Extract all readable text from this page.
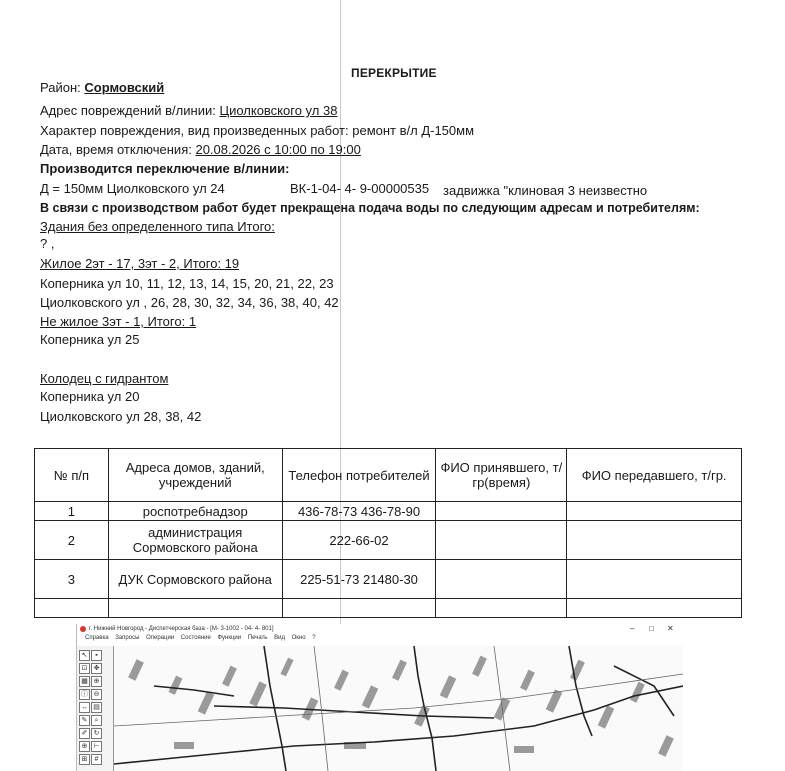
ПЕРЕКРЫТИЕ
Район: Сормовский
Адрес повреждений в/линии: Циолковского ул 38
Характер повреждения, вид произведенных работ: ремонт в/л Д-150мм
Дата, время отключения: 20.08.2026 с 10:00 по 19:00
Производится переключение в/линии:
Д = 150мм Циолковского ул 24	ВК-1-04- 4- 9-00000535 задвижка "клиновая 3 неизвестно
В связи с производством работ будет прекращена подача воды по следующим адресам и потребителям:
Здания без определенного типа Итого:
? ,
Жилое 2эт - 17, 3эт - 2, Итого: 19
Коперника ул 10, 11, 12, 13, 14, 15, 20, 21, 22, 23
Циолковского ул , 26, 28, 30, 32, 34, 36, 38, 40, 42
Не жилое 3эт - 1, Итого: 1
Коперника ул 25
Колодец с гидрантом
Коперника ул 20
Циолковского ул 28, 38, 42
№ п/п	Адреса домов, зданий, учреждений	Телефон потребителей	ФИО принявшего, т/гр(время)	ФИО передавшего, т/гр.
1	роспотребнадзор	436-78-73 436-78-90		
2	администрация Сормовского района	222-66-02		
3	ДУК Сормовского района	225-51-73 21480-30		

г. Нижний Новгород - Диспетчерская база - [М- 3-1002 - 04- 4- 801]	– □ ✕
Справка Запросы Операции Состояние Функции Печать Вид Окно ?
↖	▪
⊡ ✥
▦ ⊕
ⓘ ⊖
↔ ▤
✎	⌕
✐ ↻
⊕ ⊢
⊞	#
